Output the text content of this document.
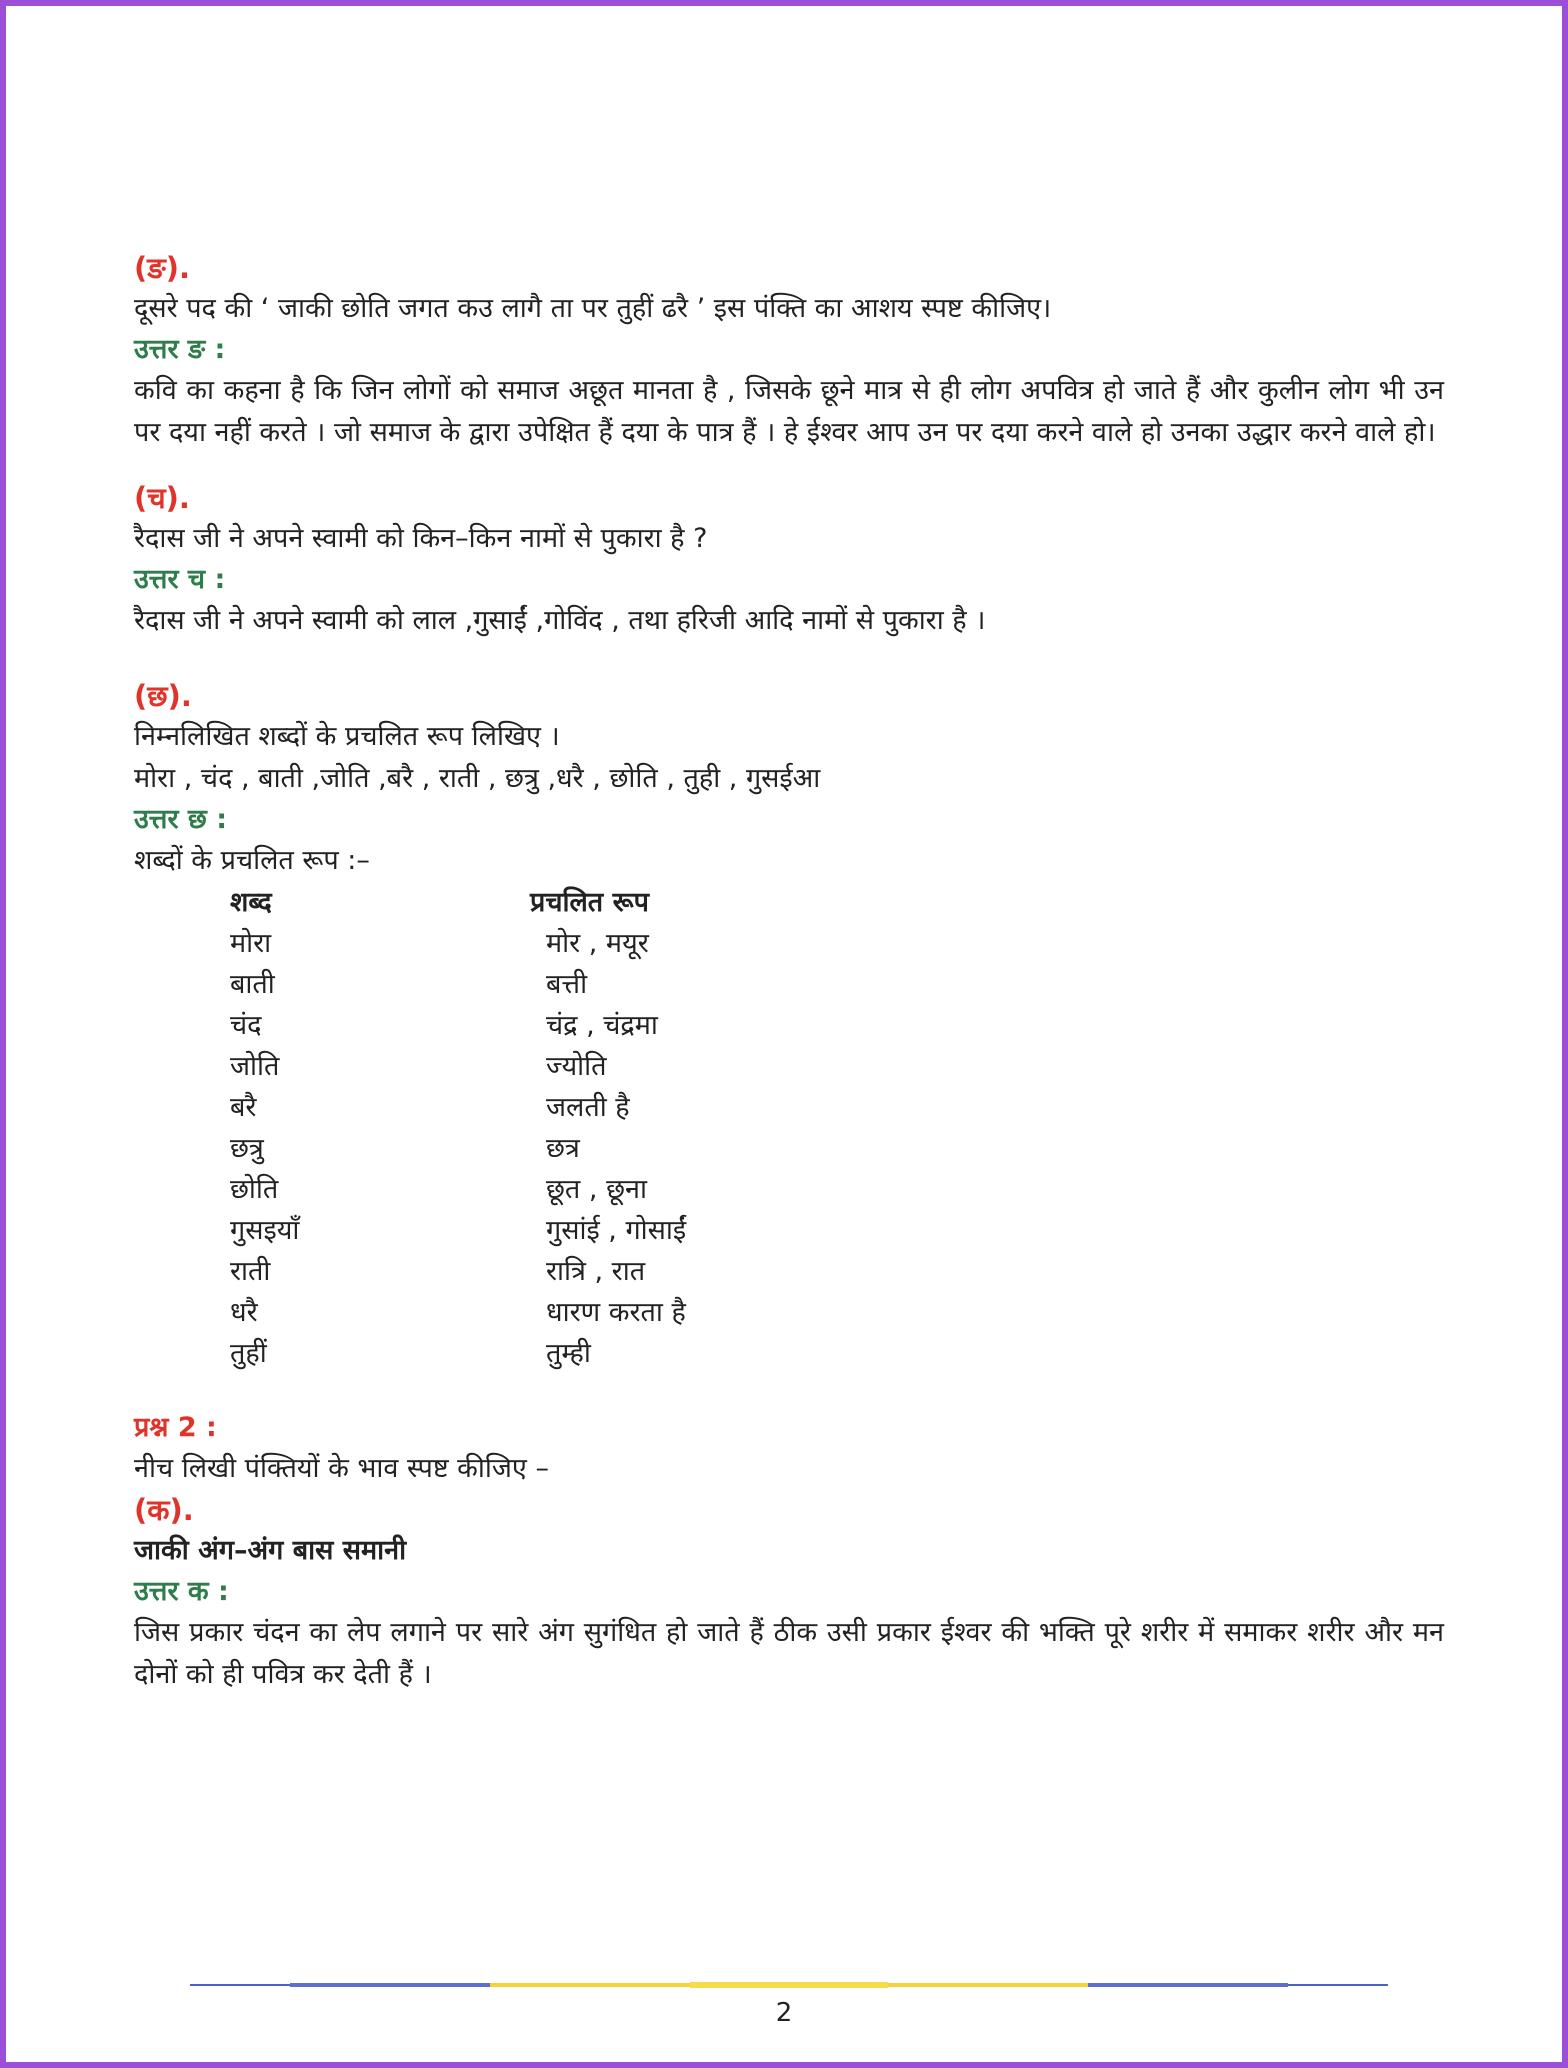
(ङ).
दूसरे पद की ‘ जाकी छोति जगत कउ लागै ता पर तुहीं ढरै ’ इस पंक्ति का आशय स्पष्ट कीजिए।
उत्तर ङ :
कवि का कहना है कि जिन लोगों को समाज अछूत मानता है , जिसके छूने मात्र से ही लोग अपवित्र हो जाते हैं और कुलीन लोग भी उन पर दया नहीं करते । जो समाज के द्वारा उपेक्षित हैं दया के पात्र हैं । हे ईश्वर आप उन पर दया करने वाले हो उनका उद्धार करने वाले हो।
(च).
रैदास जी ने अपने स्वामी को किन–किन नामों से पुकारा है ?
उत्तर च :
रैदास जी ने अपने स्वामी को लाल ,गुसाईं ,गोविंद , तथा हरिजी आदि नामों से पुकारा है ।
(छ).
निम्नलिखित शब्दों के प्रचलित रूप लिखिए ।
मोरा , चंद , बाती ,जोति ,बरै , राती , छत्रु ,धरै , छोति , तुही , गुसईआ
उत्तर छ :
शब्दों के प्रचलित रूप :–
शब्द	प्रचलित रूप
मोरा	मोर , मयूर
बाती	बत्ती
चंद	चंद्र , चंद्रमा
जोति	ज्योति
बरै	जलती है
छत्रु	छत्र
छोति	छूत , छूना
गुसइयाँ	गुसांई , गोसाईं
राती	रात्रि , रात
धरै	धारण करता है
तुहीं	तुम्ही
प्रश्न 2 :
नीच लिखी पंक्तियों के भाव स्पष्ट कीजिए –
(क).
जाकी अंग–अंग बास समानी
उत्तर क :
जिस प्रकार चंदन का लेप लगाने पर सारे अंग सुगंधित हो जाते हैं ठीक उसी प्रकार ईश्वर की भक्ति पूरे शरीर में समाकर शरीर और मन दोनों को ही पवित्र कर देती हैं ।
2
